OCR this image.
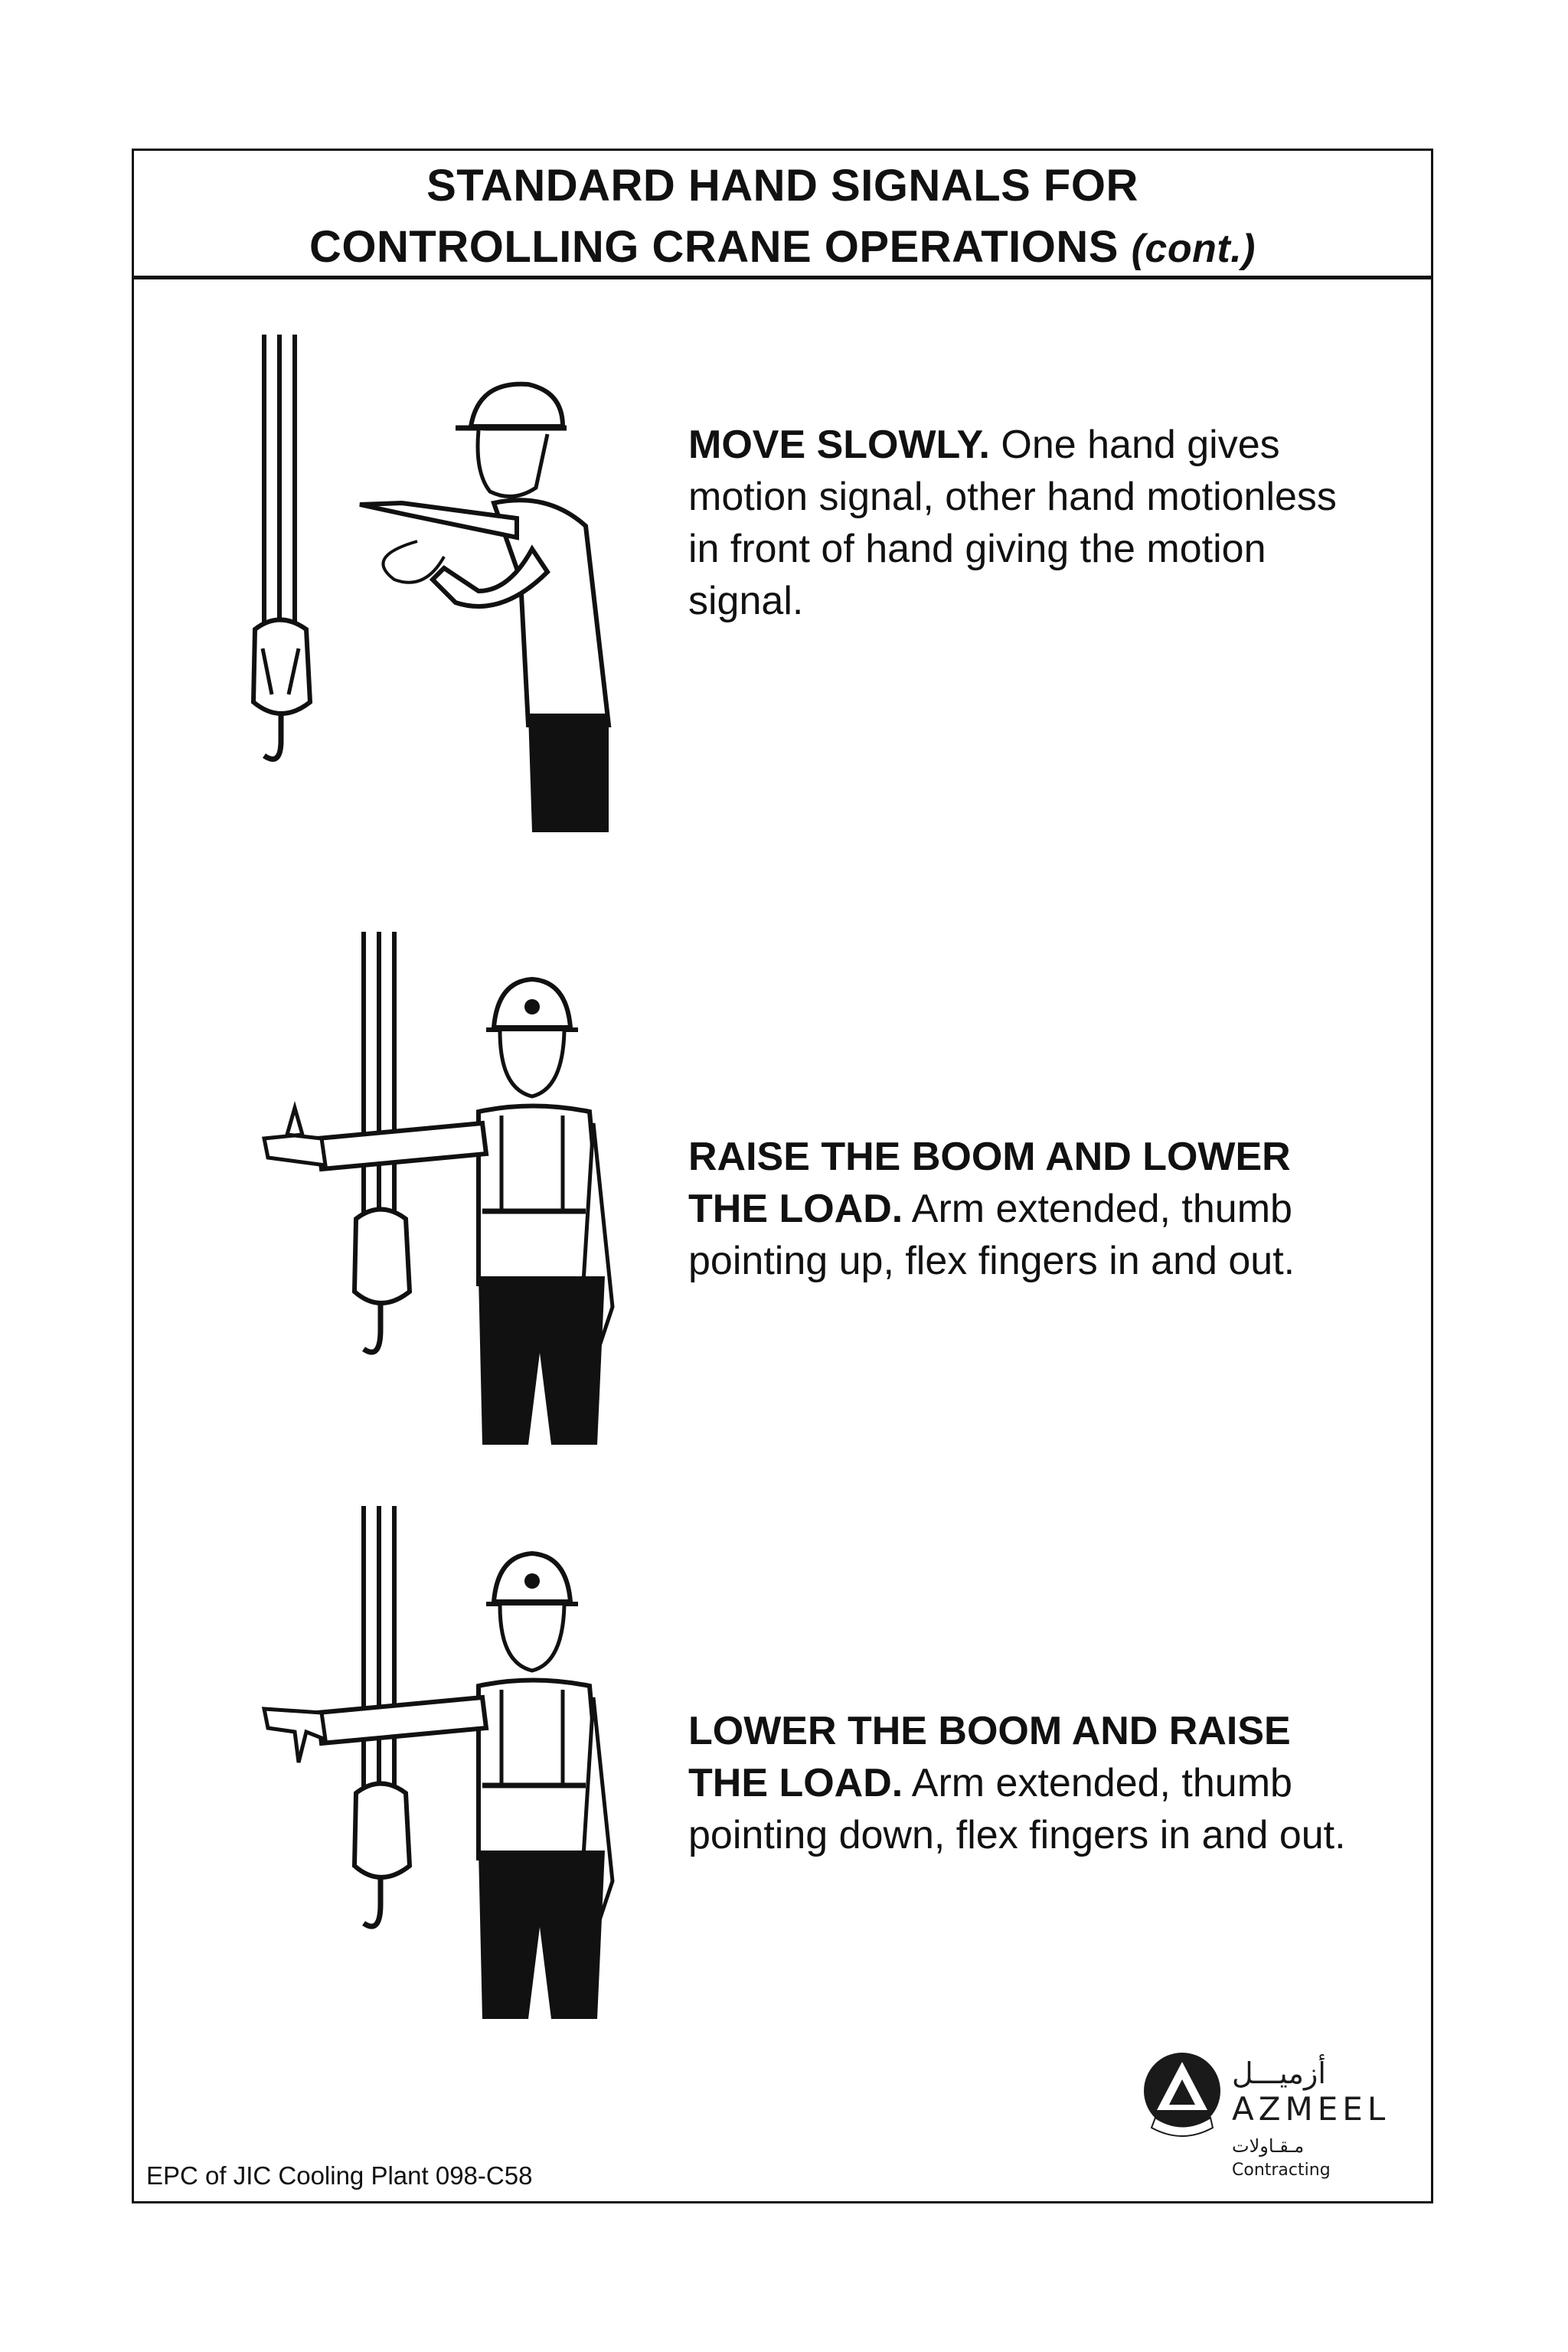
STANDARD HAND SIGNALS FOR
CONTROLLING CRANE OPERATIONS (cont.)
MOVE SLOWLY. One hand gives motion signal, other hand motionless in front of hand giving the motion signal.
RAISE THE BOOM AND LOWER THE LOAD. Arm extended, thumb pointing up, flex fingers in and out.
LOWER THE BOOM AND RAISE THE LOAD. Arm extended, thumb pointing down, flex fingers in and out.
EPC of JIC Cooling Plant 098-C58
أزميـــل
AZMEEL
مـقـاولات
Contracting
